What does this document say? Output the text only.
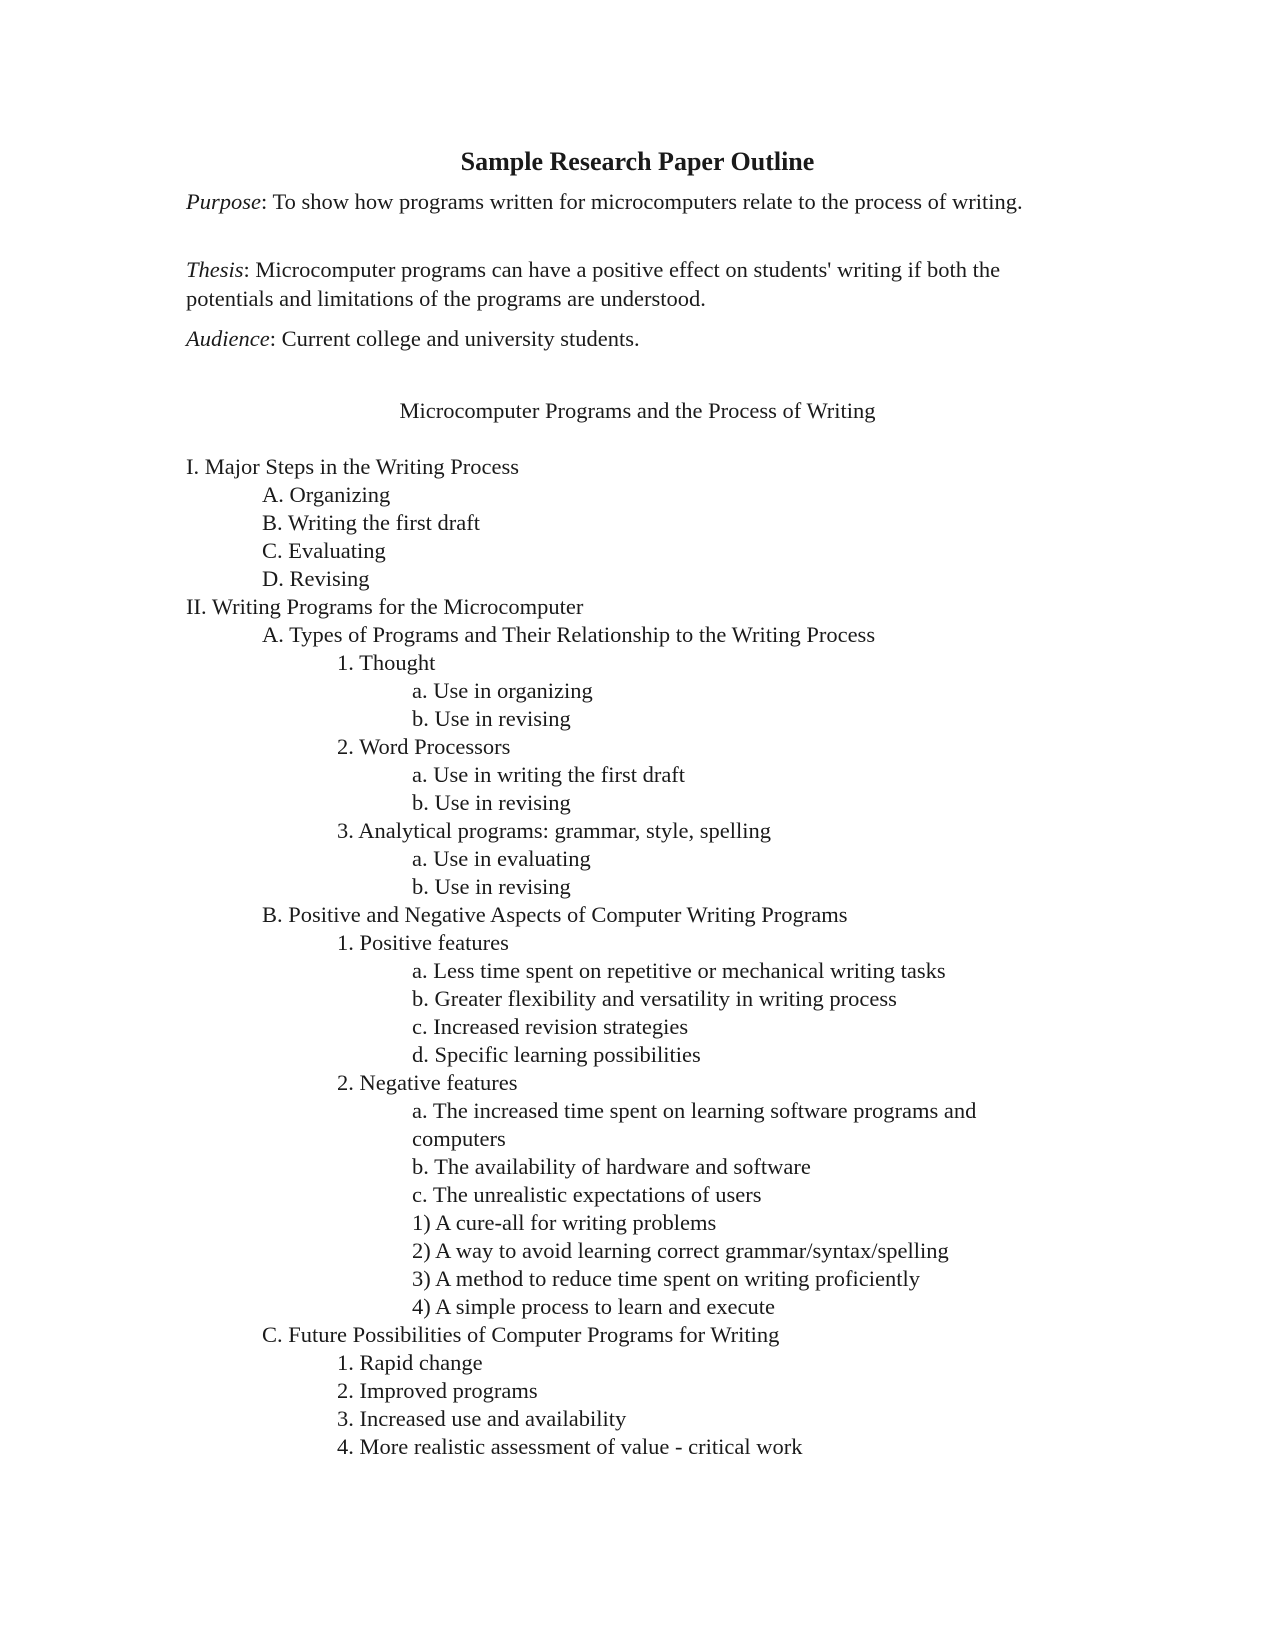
Sample Research Paper Outline
Purpose: To show how programs written for microcomputers relate to the process of writing.
Thesis: Microcomputer programs can have a positive effect on students' writing if both the potentials and limitations of the programs are understood.
Audience: Current college and university students.
Microcomputer Programs and the Process of Writing
I. Major Steps in the Writing Process
A. Organizing
B. Writing the first draft
C. Evaluating
D. Revising
II. Writing Programs for the Microcomputer
A. Types of Programs and Their Relationship to the Writing Process
1. Thought
a. Use in organizing
b. Use in revising
2. Word Processors
a. Use in writing the first draft
b. Use in revising
3. Analytical programs: grammar, style, spelling
a. Use in evaluating
b. Use in revising
B. Positive and Negative Aspects of Computer Writing Programs
1. Positive features
a. Less time spent on repetitive or mechanical writing tasks
b. Greater flexibility and versatility in writing process
c. Increased revision strategies
d. Specific learning possibilities
2. Negative features
a. The increased time spent on learning software programs and computers
b. The availability of hardware and software
c. The unrealistic expectations of users
1) A cure-all for writing problems
2) A way to avoid learning correct grammar/syntax/spelling
3) A method to reduce time spent on writing proficiently
4) A simple process to learn and execute
C. Future Possibilities of Computer Programs for Writing
1. Rapid change
2. Improved programs
3. Increased use and availability
4. More realistic assessment of value - critical work
